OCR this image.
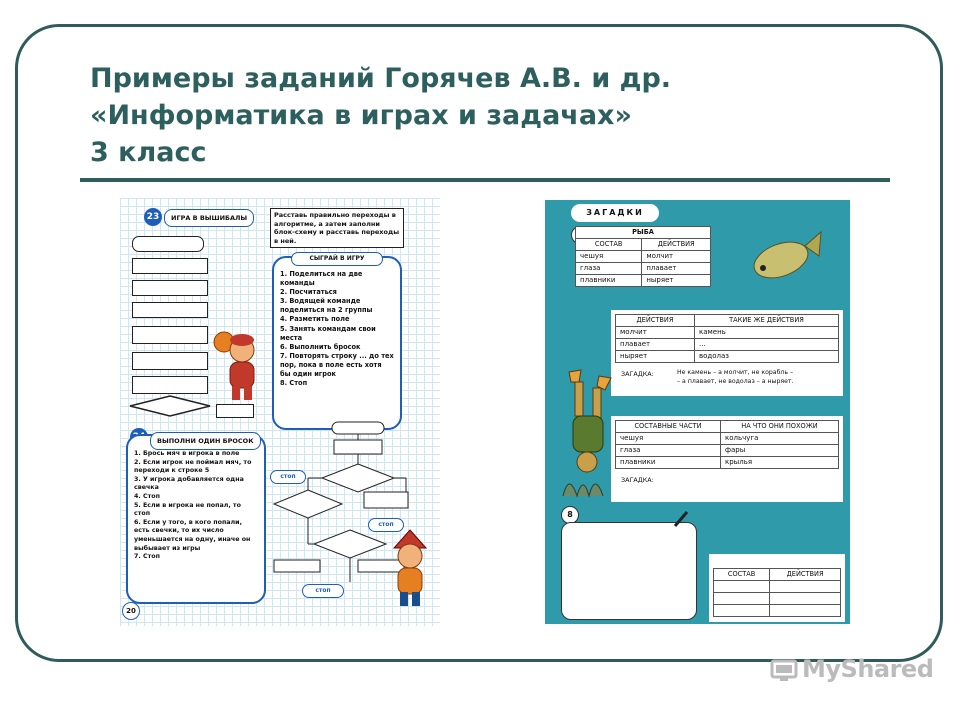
Примеры заданий Горячев А.В. и др.
«Информатика в играх и задачах»
3 класс
23	ИГРА В ВЫШИБАЛЫ	Расставь правильно переходы в алгоритме, а затем заполни блок-схему и расставь переходы в ней.
СЫГРАЙ В ИГРУ
1. Поделиться на две команды
2. Посчитаться
3. Водящей команде поделиться на 2 группы
4. Разметить поле
5. Занять командам свои места
6. Выполнить бросок
7. Повторять строку ... до тех пор, пока в поле есть хотя бы один игрок
8. Стоп
ВЫПОЛНИ ОДИН БРОСОК
1. Брось мяч в игрока в поле
2. Если игрок не поймал мяч, то переходи к строке 5
3. У игрока добавляется одна свечка
4. Стоп
5. Если в игрока не попал, то стоп
6. Если у того, в кого попали, есть свечки, то их число уменьшается на одну, иначе он выбывает из игры
7. Стоп
стоп
стоп
стоп
20
ЗАГАДКИ
РЫБА	
СОСТАВ	ДЕЙСТВИЯ
чешуя	молчит
глаза	плавает
плавники	ныряет
ДЕЙСТВИЯ	ТАКИЕ ЖЕ ДЕЙСТВИЯ
молчит	камень
плавает	...
ныряет	водолаз
ЗАГАДКА:	Не камень – а молчит, не корабль –
– а плавает, не водолаз – а ныряет.
СОСТАВНЫЕ ЧАСТИ	НА ЧТО ОНИ ПОХОЖИ
чешуя	кольчуга
глаза	фары
плавники	крылья
ЗАГАДКА:
8
СОСТАВ	ДЕЙСТВИЯ

MyShared
